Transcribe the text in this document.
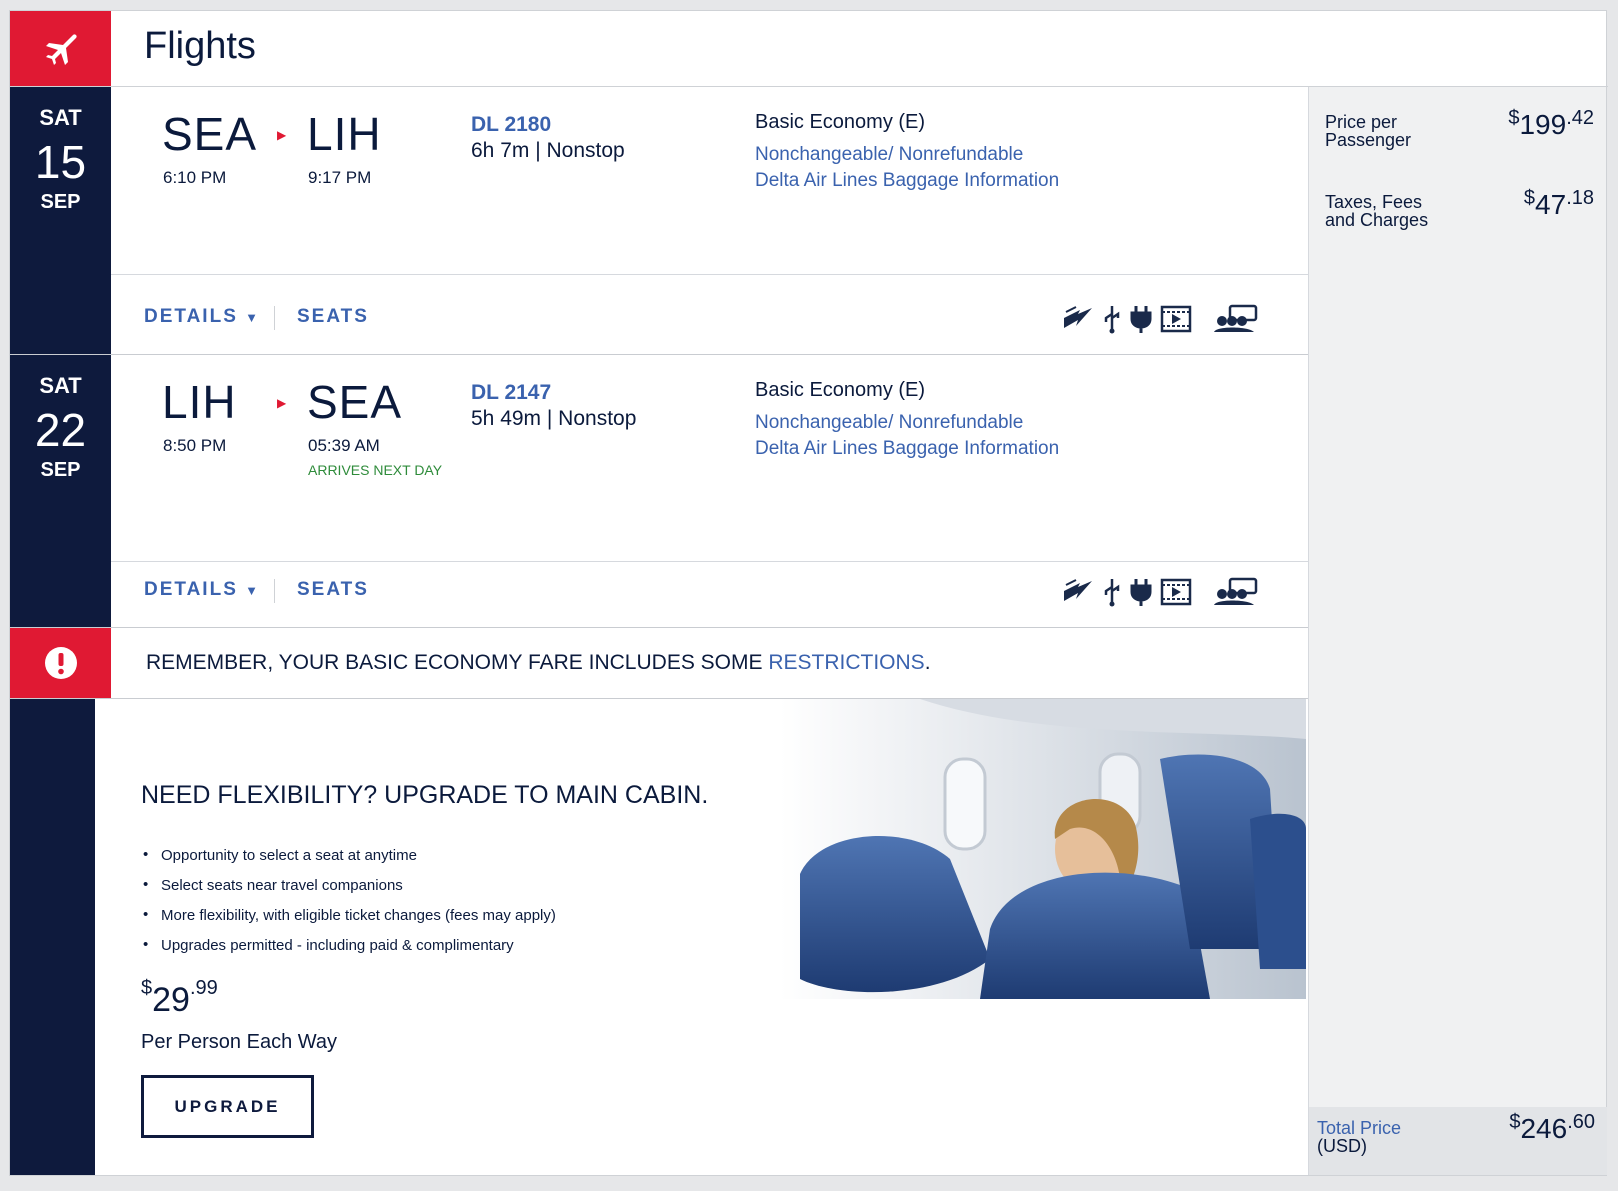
Flights
SAT
15
SEP
SEA
6:10 PM
▶ LIH
9:17 PM
DL 2180
6h 7m | Nonstop
Basic Economy (E)
Nonchangeable/ Nonrefundable
Delta Air Lines Baggage Information
DETAILS ▼ SEATS
SAT
22
SEP
LIH
8:50 PM
▶ SEA
05:39 AM
ARRIVES NEXT DAY
DL 2147
5h 49m | Nonstop
Basic Economy (E)
Nonchangeable/ Nonrefundable
Delta Air Lines Baggage Information
DETAILS ▼ SEATS
REMEMBER, YOUR BASIC ECONOMY FARE INCLUDES SOME RESTRICTIONS.
NEED FLEXIBILITY? UPGRADE TO MAIN CABIN.
• Opportunity to select a seat at anytime
• Select seats near travel companions
• More flexibility, with eligible ticket changes (fees may apply)
• Upgrades permitted - including paid & complimentary
$^{\$}29^{.99}$
Per Person Each Way
UPGRADE
Price per Passenger
$^{\$}199^{.42}$
Taxes, Fees and Charges
$^{\$}47^{.18}$
Total Price
(USD)
$^{\$}246^{.60}$
